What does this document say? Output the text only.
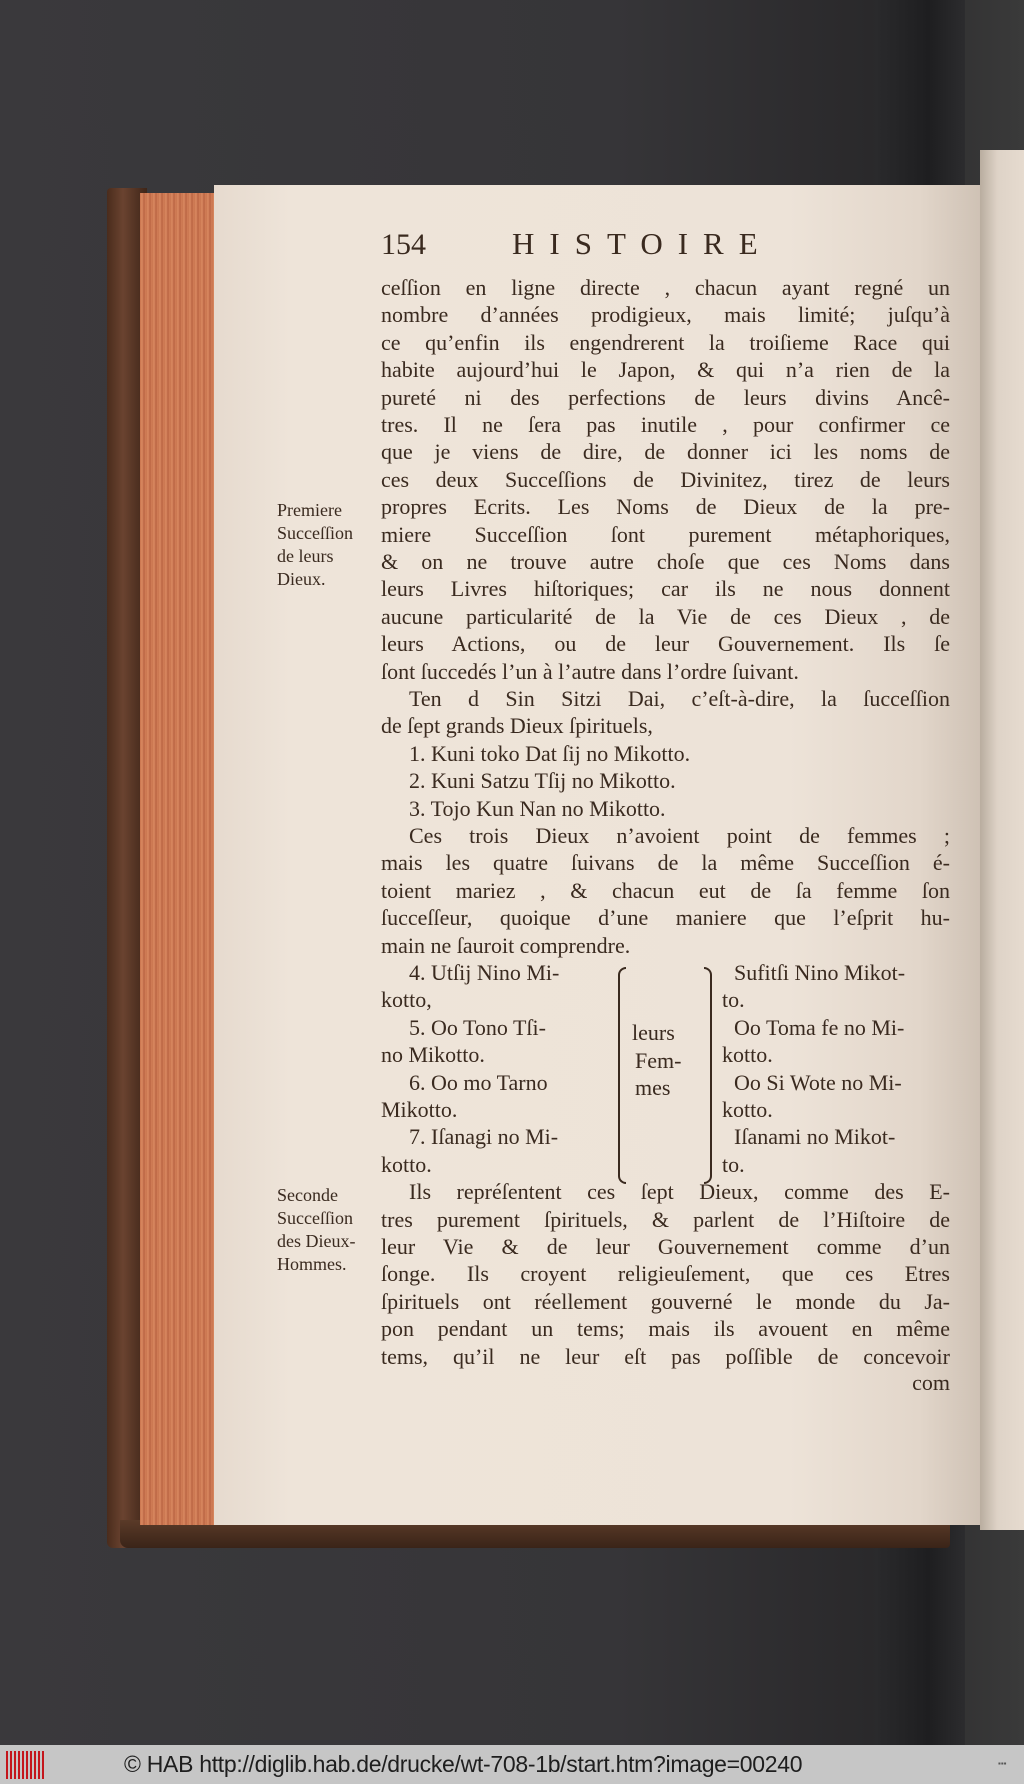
154	HISTOIRE
ceſſion en ligne directe , chacun ayant regné un
nombre d’années prodigieux, mais limité; juſqu’à
ce qu’enfin ils engendrerent la troiſieme Race qui
habite aujourd’hui le Japon, & qui n’a rien de la
pureté ni des perfections de leurs divins Ancê-
tres. Il ne ſera pas inutile , pour confirmer ce
que je viens de dire, de donner ici les noms de
ces deux Succeſſions de Divinitez, tirez de leurs
propres Ecrits. Les Noms de Dieux de la pre-
miere Succeſſion ſont purement métaphoriques,
& on ne trouve autre choſe que ces Noms dans
leurs Livres hiſtoriques; car ils ne nous donnent
aucune particularité de la Vie de ces Dieux , de
leurs Actions, ou de leur Gouvernement. Ils ſe
ſont ſuccedés l’un à l’autre dans l’ordre ſuivant.
Ten d Sin Sitzi Dai, c’eſt-à-dire, la ſucceſſion
de ſept grands Dieux ſpirituels,
1. Kuni toko Dat ſij no Mikotto.
2. Kuni Satzu Tſij no Mikotto.
3. Tojo Kun Nan no Mikotto.
Ces trois Dieux n’avoient point de femmes ;
mais les quatre ſuivans de la même Succeſſion é-
toient mariez , & chacun eut de ſa femme ſon
ſucceſſeur, quoique d’une maniere que l’eſprit hu-
main ne ſauroit comprendre.
Ils repréſentent ces ſept Dieux, comme des E-
tres purement ſpirituels, & parlent de l’Hiſtoire de
leur Vie & de leur Gouvernement comme d’un
ſonge. Ils croyent religieuſement, que ces Etres
ſpirituels ont réellement gouverné le monde du Ja-
pon pendant un tems; mais ils avouent en même
tems, qu’il ne leur eſt pas poſſible de concevoir
Premiere
Succeſſion
de leurs
Dieux.
Seconde
Succeſſion
des Dieux-
Hommes.
4. Utſij Nino Mi-
kotto,
5. Oo Tono Tſi-
no Mikotto.
6. Oo mo Tarno
Mikotto.
7. Iſanagi no Mi-
kotto.
Sufitſi Nino Mikot-
to.
Oo Toma fe no Mi-
kotto.
Oo Si Wote no Mi-
kotto.
Iſanami no Mikot-
to.
leurs
Fem-
mes
com
© HAB http://diglib.hab.de/drucke/wt-708-1b/start.htm?image=00240	▪▪▪
